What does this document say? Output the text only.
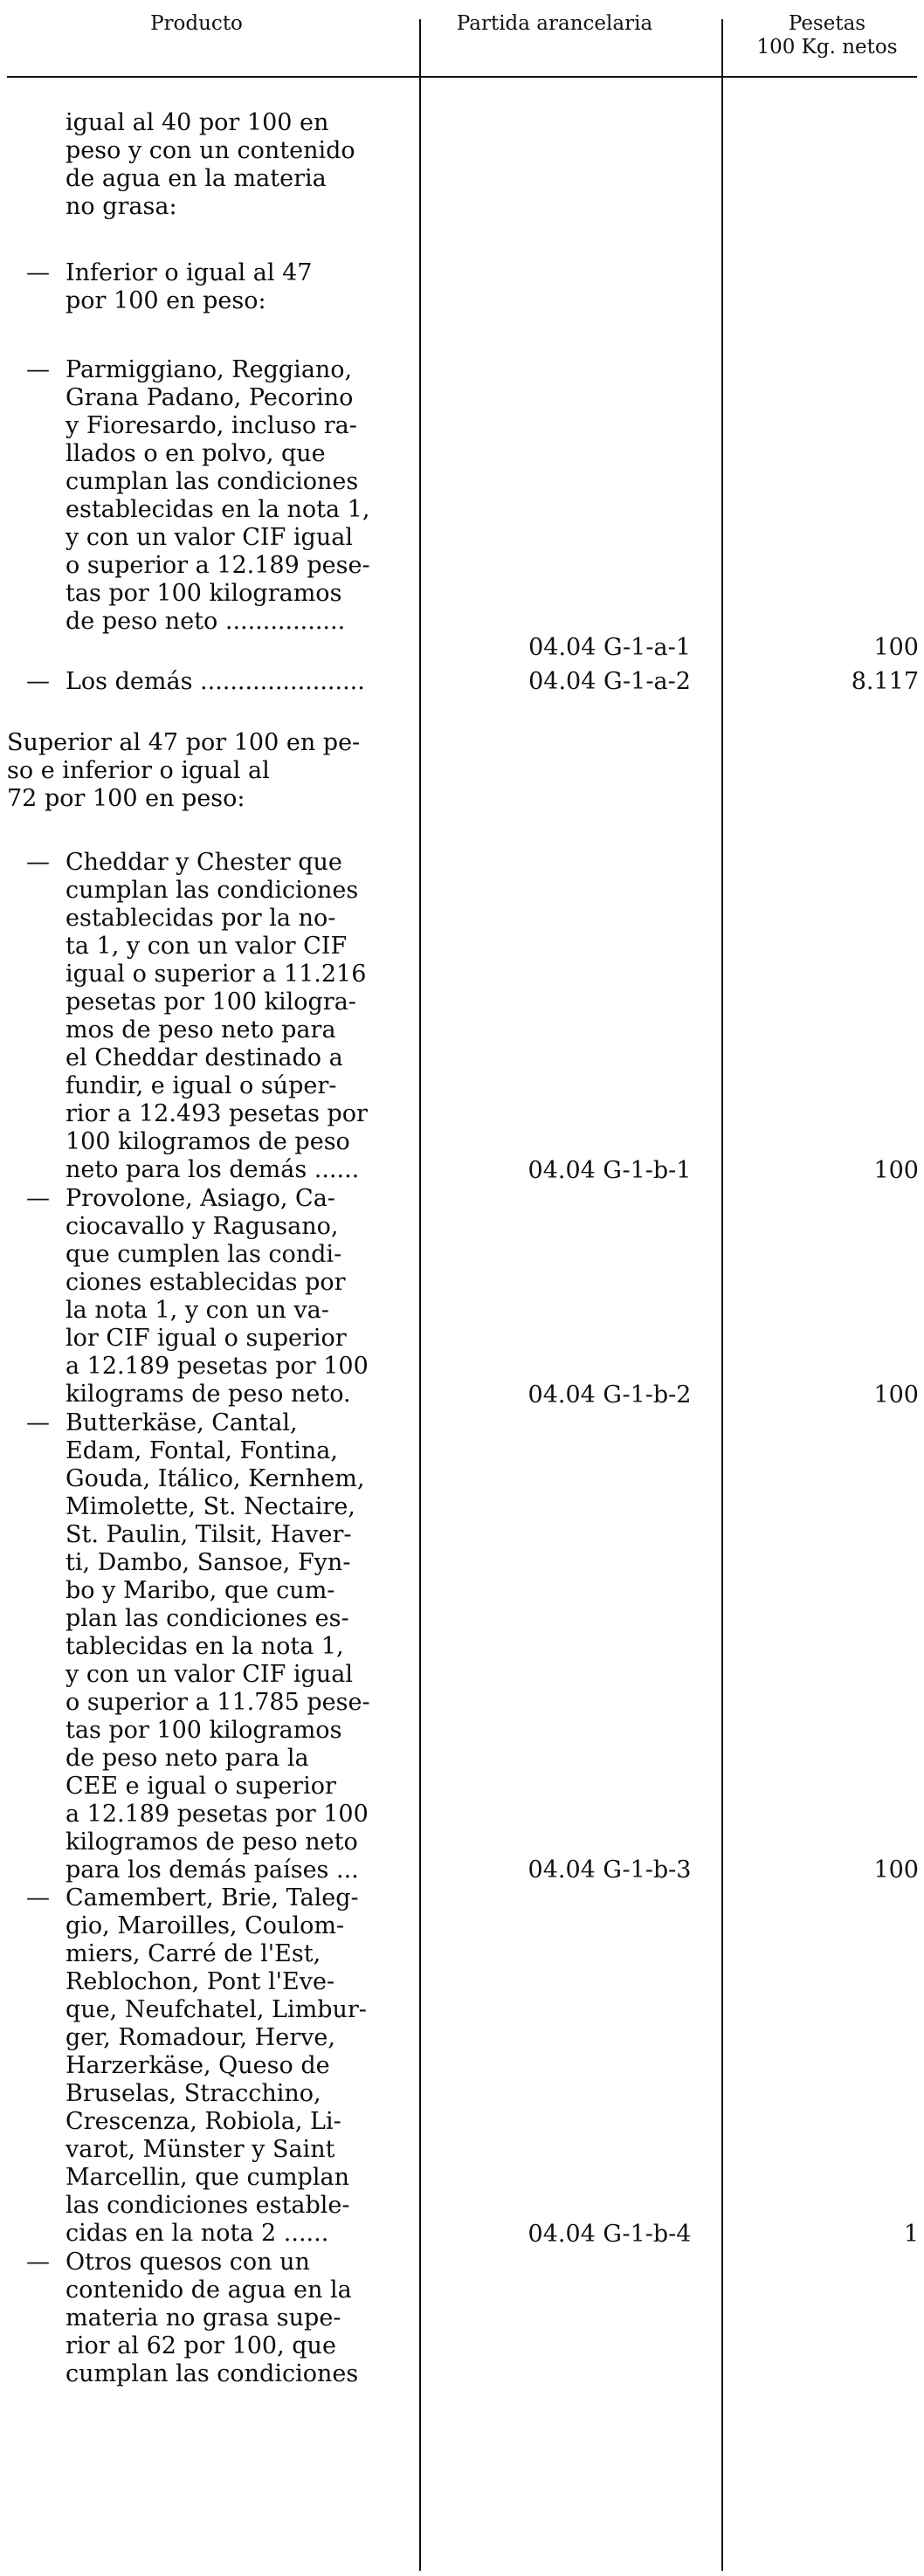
Producto	Partida arancelaria	Pesetas
100 Kg. netos
igual al 40 por 100 en
peso y con un contenido
de agua en la materia
no grasa:
— Inferior o igual al 47
por 100 en peso:
— Parmiggiano, Reggiano,
Grana Padano, Pecorino
y Fioresardo, incluso ra-
llados o en polvo, que
cumplan las condiciones
establecidas en la nota 1,
y con un valor CIF igual
o superior a 12.189 pese-
tas por 100 kilogramos
de peso neto ................
04.04 G-1-a-1	100
— Los demás ......................	04.04 G-1-a-2	8.117
Superior al 47 por 100 en pe-
so e inferior o igual al
72 por 100 en peso:
— Cheddar y Chester que
cumplan las condiciones
establecidas por la no-
ta 1, y con un valor CIF
igual o superior a 11.216
pesetas por 100 kilogra-
mos de peso neto para
el Cheddar destinado a
fundir, e igual o súper-
rior a 12.493 pesetas por
100 kilogramos de peso
neto para los demás ......	04.04 G-1-b-1	100
— Provolone, Asiago, Ca-
ciocavallo y Ragusano,
que cumplen las condi-
ciones establecidas por
la nota 1, y con un va-
lor CIF igual o superior
a 12.189 pesetas por 100
kilograms de peso neto.	04.04 G-1-b-2	100
— Butterkäse, Cantal,
Edam, Fontal, Fontina,
Gouda, Itálico, Kernhem,
Mimolette, St. Nectaire,
St. Paulin, Tilsit, Haver-
ti, Dambo, Sansoe, Fyn-
bo y Maribo, que cum-
plan las condiciones es-
tablecidas en la nota 1,
y con un valor CIF igual
o superior a 11.785 pese-
tas por 100 kilogramos
de peso neto para la
CEE e igual o superior
a 12.189 pesetas por 100
kilogramos de peso neto
para los demás países ...	04.04 G-1-b-3	100
— Camembert, Brie, Taleg-
gio, Maroilles, Coulom-
miers, Carré de l'Est,
Reblochon, Pont l'Eve-
que, Neufchatel, Limbur-
ger, Romadour, Herve,
Harzerkäse, Queso de
Bruselas, Stracchino,
Crescenza, Robiola, Li-
varot, Münster y Saint
Marcellin, que cumplan
las condiciones estable-
cidas en la nota 2 ......	04.04 G-1-b-4	1
— Otros quesos con un
contenido de agua en la
materia no grasa supe-
rior al 62 por 100, que
cumplan las condiciones
